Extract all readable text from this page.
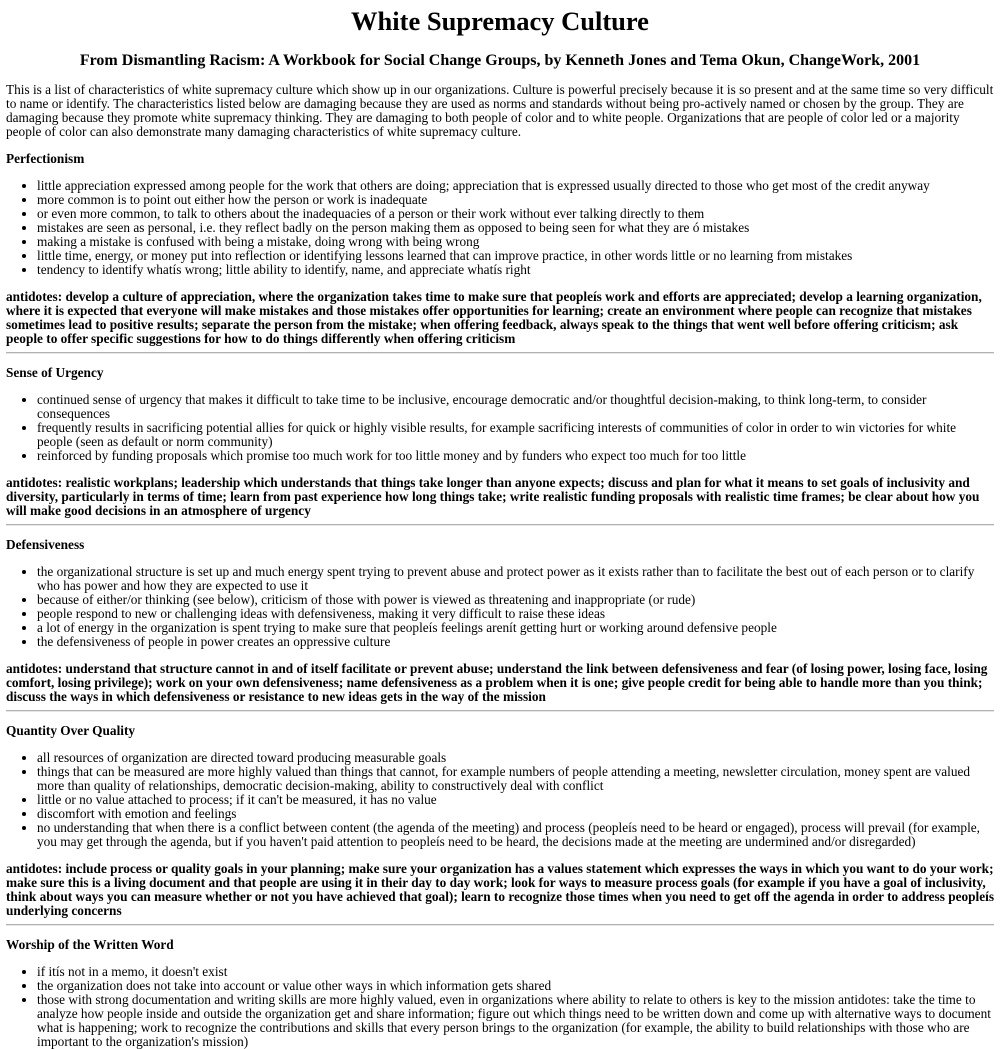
White Supremacy Culture
From Dismantling Racism: A Workbook for Social Change Groups, by Kenneth Jones and Tema Okun, ChangeWork, 2001

This is a list of characteristics of white supremacy culture which show up in our organizations. Culture is powerful precisely because it is so present and at the same time so very difficult to name or identify. The characteristics listed below are damaging because they are used as norms and standards without being pro-actively named or chosen by the group. They are damaging because they promote white supremacy thinking. They are damaging to both people of color and to white people. Organizations that are people of color led or a majority people of color can also demonstrate many damaging characteristics of white supremacy culture.

Perfectionism
• little appreciation expressed among people for the work that others are doing; appreciation that is expressed usually directed to those who get most of the credit anyway
• more common is to point out either how the person or work is inadequate
• or even more common, to talk to others about the inadequacies of a person or their work without ever talking directly to them
• mistakes are seen as personal, i.e. they reflect badly on the person making them as opposed to being seen for what they are ó mistakes
• making a mistake is confused with being a mistake, doing wrong with being wrong
• little time, energy, or money put into reflection or identifying lessons learned that can improve practice, in other words little or no learning from mistakes
• tendency to identify whatís wrong; little ability to identify, name, and appreciate whatís right

antidotes: develop a culture of appreciation, where the organization takes time to make sure that peopleís work and efforts are appreciated; develop a learning organization, where it is expected that everyone will make mistakes and those mistakes offer opportunities for learning; create an environment where people can recognize that mistakes sometimes lead to positive results; separate the person from the mistake; when offering feedback, always speak to the things that went well before offering criticism; ask people to offer specific suggestions for how to do things differently when offering criticism

Sense of Urgency
• continued sense of urgency that makes it difficult to take time to be inclusive, encourage democratic and/or thoughtful decision-making, to think long-term, to consider consequences
• frequently results in sacrificing potential allies for quick or highly visible results, for example sacrificing interests of communities of color in order to win victories for white people (seen as default or norm community)
• reinforced by funding proposals which promise too much work for too little money and by funders who expect too much for too little

antidotes: realistic workplans; leadership which understands that things take longer than anyone expects; discuss and plan for what it means to set goals of inclusivity and diversity, particularly in terms of time; learn from past experience how long things take; write realistic funding proposals with realistic time frames; be clear about how you will make good decisions in an atmosphere of urgency

Defensiveness
• the organizational structure is set up and much energy spent trying to prevent abuse and protect power as it exists rather than to facilitate the best out of each person or to clarify who has power and how they are expected to use it
• because of either/or thinking (see below), criticism of those with power is viewed as threatening and inappropriate (or rude)
• people respond to new or challenging ideas with defensiveness, making it very difficult to raise these ideas
• a lot of energy in the organization is spent trying to make sure that peopleís feelings arenít getting hurt or working around defensive people
• the defensiveness of people in power creates an oppressive culture

antidotes: understand that structure cannot in and of itself facilitate or prevent abuse; understand the link between defensiveness and fear (of losing power, losing face, losing comfort, losing privilege); work on your own defensiveness; name defensiveness as a problem when it is one; give people credit for being able to handle more than you think; discuss the ways in which defensiveness or resistance to new ideas gets in the way of the mission

Quantity Over Quality
• all resources of organization are directed toward producing measurable goals
• things that can be measured are more highly valued than things that cannot, for example numbers of people attending a meeting, newsletter circulation, money spent are valued more than quality of relationships, democratic decision-making, ability to constructively deal with conflict
• little or no value attached to process; if it can't be measured, it has no value
• discomfort with emotion and feelings
• no understanding that when there is a conflict between content (the agenda of the meeting) and process (peopleís need to be heard or engaged), process will prevail (for example, you may get through the agenda, but if you haven't paid attention to peopleís need to be heard, the decisions made at the meeting are undermined and/or disregarded)

antidotes: include process or quality goals in your planning; make sure your organization has a values statement which expresses the ways in which you want to do your work; make sure this is a living document and that people are using it in their day to day work; look for ways to measure process goals (for example if you have a goal of inclusivity, think about ways you can measure whether or not you have achieved that goal); learn to recognize those times when you need to get off the agenda in order to address peopleís underlying concerns

Worship of the Written Word
• if itís not in a memo, it doesn't exist
• the organization does not take into account or value other ways in which information gets shared
• those with strong documentation and writing skills are more highly valued, even in organizations where ability to relate to others is key to the mission antidotes: take the time to analyze how people inside and outside the organization get and share information; figure out which things need to be written down and come up with alternative ways to document what is happening; work to recognize the contributions and skills that every person brings to the organization (for example, the ability to build relationships with those who are important to the organization's mission)
